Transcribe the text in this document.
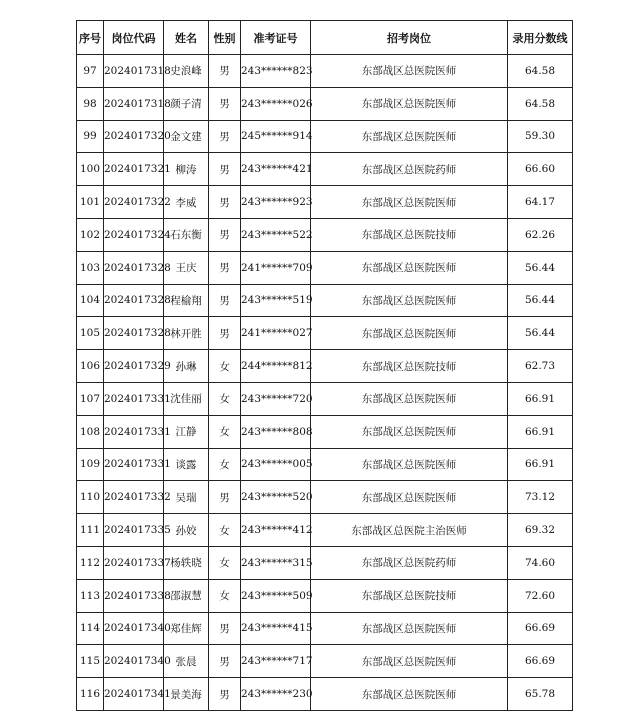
序号	岗位代码	姓名	性别	准考证号	招考岗位	录用分数线
97	2024017318	史浪峰	男	243******823	东部战区总医院医师	64.58
98	2024017318	颜子清	男	243******026	东部战区总医院医师	64.58
99	2024017320	金文建	男	245******914	东部战区总医院医师	59.30
100	2024017321	柳涛	男	243******421	东部战区总医院药师	66.60
101	2024017322	李威	男	243******923	东部战区总医院医师	64.17
102	2024017324	石东衡	男	243******522	东部战区总医院技师	62.26
103	2024017328	王庆	男	241******709	东部战区总医院医师	56.44
104	2024017328	程榆翔	男	243******519	东部战区总医院医师	56.44
105	2024017328	林开胜	男	241******027	东部战区总医院医师	56.44
106	2024017329	孙琳	女	244******812	东部战区总医院技师	62.73
107	2024017331	沈佳丽	女	243******720	东部战区总医院医师	66.91
108	2024017331	江静	女	243******808	东部战区总医院医师	66.91
109	2024017331	谈露	女	243******005	东部战区总医院医师	66.91
110	2024017332	吴瑞	男	243******520	东部战区总医院医师	73.12
111	2024017335	孙姣	女	243******412	东部战区总医院主治医师	69.32
112	2024017337	杨轶晓	女	243******315	东部战区总医院药师	74.60
113	2024017338	邵淑慧	女	243******509	东部战区总医院技师	72.60
114	2024017340	郑佳辉	男	243******415	东部战区总医院医师	66.69
115	2024017340	张晨	男	243******717	东部战区总医院医师	66.69
116	2024017341	景美海	男	243******230	东部战区总医院医师	65.78
